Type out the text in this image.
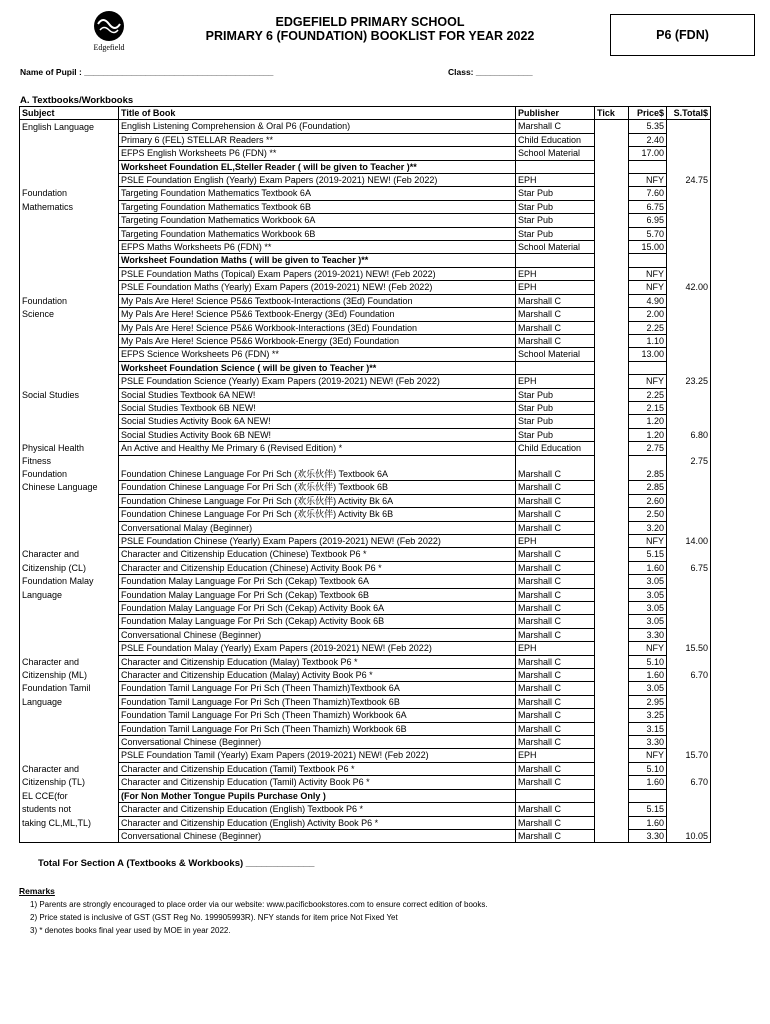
Edgefield
EDGEFIELD PRIMARY SCHOOL
PRIMARY 6 (FOUNDATION) BOOKLIST FOR YEAR 2022	P6 (FDN)
Name of Pupil : ________________________________________	Class: ____________
A. Textbooks/Workbooks
Subject	Title of Book	Publisher	Tick	Price$	S.Total$
English Language	English Listening Comprehension & Oral P6 (Foundation)	Marshall C		5.35	
	Primary 6 (FEL) STELLAR Readers **	Child Education		2.40	
	EFPS English Worksheets P6 (FDN) **	School Material		17.00	
	Worksheet Foundation EL,Steller Reader ( will be given to Teacher )**				
	PSLE Foundation English (Yearly) Exam Papers (2019-2021) NEW! (Feb 2022)	EPH		NFY	24.75
Foundation	Targeting Foundation Mathematics Textbook 6A	Star Pub		7.60	
Mathematics	Targeting Foundation Mathematics Textbook 6B	Star Pub		6.75	
	Targeting Foundation Mathematics Workbook 6A	Star Pub		6.95	
	Targeting Foundation Mathematics Workbook 6B	Star Pub		5.70	
	EFPS Maths Worksheets P6 (FDN) **	School Material		15.00	
	Worksheet Foundation Maths ( will be given to Teacher )**				
	PSLE Foundation Maths (Topical) Exam Papers (2019-2021) NEW! (Feb 2022)	EPH		NFY	
	PSLE Foundation Maths (Yearly) Exam Papers (2019-2021) NEW! (Feb 2022)	EPH		NFY	42.00
Foundation	My Pals Are Here! Science P5&6 Textbook-Interactions (3Ed) Foundation	Marshall C		4.90	
Science	My Pals Are Here! Science P5&6 Textbook-Energy (3Ed) Foundation	Marshall C		2.00	
	My Pals Are Here! Science P5&6 Workbook-Interactions (3Ed) Foundation	Marshall C		2.25	
	My Pals Are Here! Science P5&6 Workbook-Energy (3Ed) Foundation	Marshall C		1.10	
	EFPS Science Worksheets P6 (FDN) **	School Material		13.00	
	Worksheet Foundation Science ( will be given to Teacher )**				
	PSLE Foundation Science (Yearly) Exam Papers (2019-2021) NEW! (Feb 2022)	EPH		NFY	23.25
Social Studies	Social Studies Textbook 6A NEW!	Star Pub		2.25	
	Social Studies Textbook 6B NEW!	Star Pub		2.15	
	Social Studies Activity Book 6A NEW!	Star Pub		1.20	
	Social Studies Activity Book 6B NEW!	Star Pub		1.20	6.80
Physical Health	An Active and Healthy Me Primary 6 (Revised Edition) *	Child Education		2.75	
Fitness					2.75
Foundation	Foundation Chinese Language For Pri Sch (欢乐伙伴) Textbook 6A	Marshall C		2.85	
Chinese Language	Foundation Chinese Language For Pri Sch (欢乐伙伴) Textbook 6B	Marshall C		2.85	
	Foundation Chinese Language For Pri Sch (欢乐伙伴) Activity Bk 6A	Marshall C		2.60	
	Foundation Chinese Language For Pri Sch (欢乐伙伴) Activity Bk 6B	Marshall C		2.50	
	Conversational Malay (Beginner)	Marshall C		3.20	
	PSLE Foundation Chinese (Yearly) Exam Papers (2019-2021) NEW! (Feb 2022)	EPH		NFY	14.00
Character and	Character and Citizenship Education (Chinese) Textbook P6 *	Marshall C		5.15	
Citizenship (CL)	Character and Citizenship Education (Chinese) Activity Book P6 *	Marshall C		1.60	6.75
Foundation Malay	Foundation Malay Language For Pri Sch (Cekap) Textbook 6A	Marshall C		3.05	
Language	Foundation Malay Language For Pri Sch (Cekap) Textbook 6B	Marshall C		3.05	
	Foundation Malay Language For Pri Sch (Cekap) Activity Book 6A	Marshall C		3.05	
	Foundation Malay Language For Pri Sch (Cekap) Activity Book 6B	Marshall C		3.05	
	Conversational Chinese (Beginner)	Marshall C		3.30	
	PSLE Foundation Malay (Yearly) Exam Papers (2019-2021) NEW! (Feb 2022)	EPH		NFY	15.50
Character and	Character and Citizenship Education (Malay) Textbook P6 *	Marshall C		5.10	
Citizenship (ML)	Character and Citizenship Education (Malay) Activity Book P6 *	Marshall C		1.60	6.70
Foundation Tamil	Foundation Tamil Language For Pri Sch (Theen Thamizh)Textbook 6A	Marshall C		3.05	
Language	Foundation Tamil Language For Pri Sch (Theen Thamizh)Textbook 6B	Marshall C		2.95	
	Foundation Tamil Language For Pri Sch (Theen Thamizh) Workbook 6A	Marshall C		3.25	
	Foundation Tamil Language For Pri Sch (Theen Thamizh) Workbook 6B	Marshall C		3.15	
	Conversational Chinese (Beginner)	Marshall C		3.30	
	PSLE Foundation Tamil (Yearly) Exam Papers (2019-2021) NEW! (Feb 2022)	EPH		NFY	15.70
Character and	Character and Citizenship Education (Tamil) Textbook P6 *	Marshall C		5.10	
Citizenship (TL)	Character and Citizenship Education (Tamil) Activity Book P6 *	Marshall C		1.60	6.70
EL CCE(for	(For Non Mother Tongue Pupils Purchase Only )				
students not	Character and Citizenship Education (English) Textbook P6 *	Marshall C		5.15	
taking CL,ML,TL)	Character and Citizenship Education (English) Activity Book P6 *	Marshall C		1.60	
	Conversational Chinese (Beginner)	Marshall C		3.30	10.05
Total For Section A (Textbooks & Workbooks) _____________
Remarks
1) Parents are strongly encouraged to place order via our website: www.pacificbookstores.com to ensure correct edition of books.
2) Price stated is inclusive of GST (GST Reg No. 199905993R). NFY stands for item price Not Fixed Yet
3) * denotes books final year used by MOE in year 2022.
